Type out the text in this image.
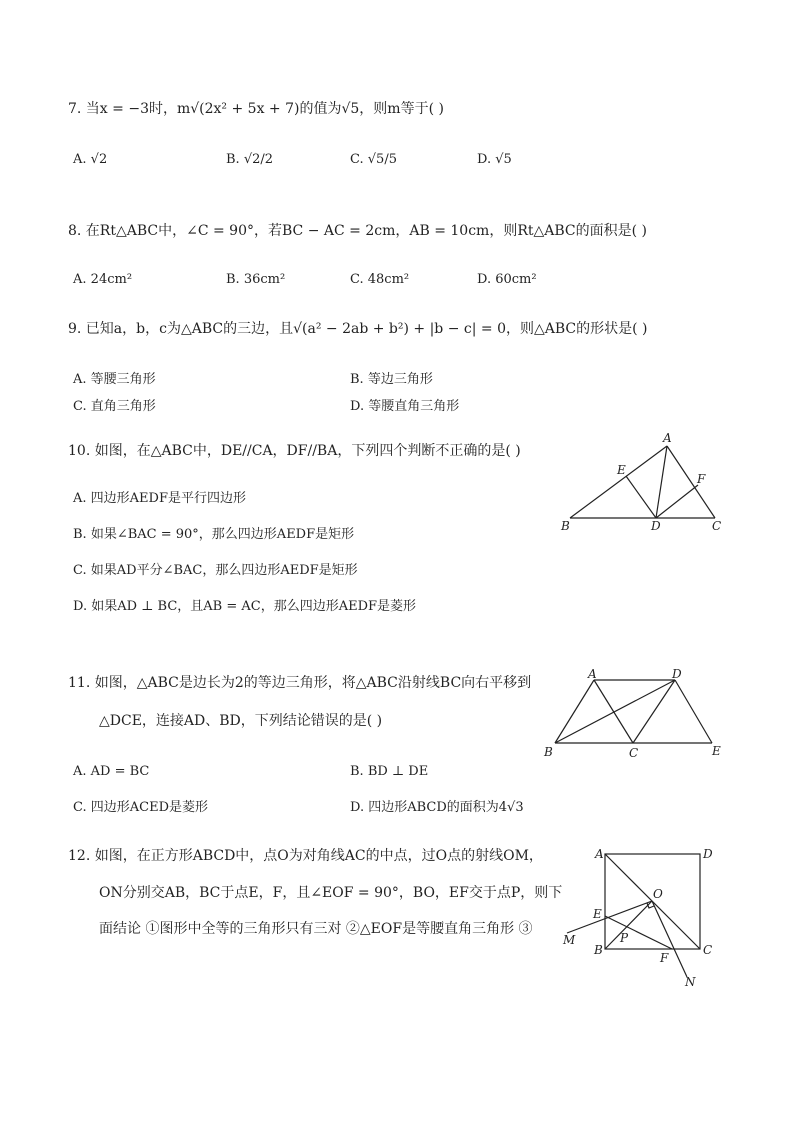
7. 当x = −3时，m√(2x² + 5x + 7)的值为√5，则m等于( )
A. √2	B. √2/2	C. √5/5	D. √5
8. 在Rt△ABC中，∠C = 90°，若BC − AC = 2cm，AB = 10cm，则Rt△ABC的面积是( )
A. 24cm²	B. 36cm²	C. 48cm²	D. 60cm²
9. 已知a，b，c为△ABC的三边，且√(a² − 2ab + b²) + |b − c| = 0，则△ABC的形状是( )
A. 等腰三角形	B. 等边三角形
C. 直角三角形	D. 等腰直角三角形
10. 如图，在△ABC中，DE//CA，DF//BA，下列四个判断不正确的是( )
A. 四边形AEDF是平行四边形
B. 如果∠BAC = 90°，那么四边形AEDF是矩形
C. 如果AD平分∠BAC，那么四边形AEDF是矩形
D. 如果AD ⊥ BC，且AB = AC，那么四边形AEDF是菱形
A
B	C
D
E
F
11. 如图，△ABC是边长为2的等边三角形，将△ABC沿射线BC向右平移到
△DCE，连接AD、BD，下列结论错误的是( )
A. AD = BC	B. BD ⊥ DE
C. 四边形ACED是菱形	D. 四边形ABCD的面积为4√3
A	D
B	C	E
12. 如图，在正方形ABCD中，点O为对角线AC的中点，过O点的射线OM，
ON分别交AB，BC于点E，F，且∠EOF = 90°，BO，EF交于点P，则下
面结论 ①图形中全等的三角形只有三对 ②△EOF是等腰直角三角形 ③
A	D
B	C
E
F
O
P
M
N
